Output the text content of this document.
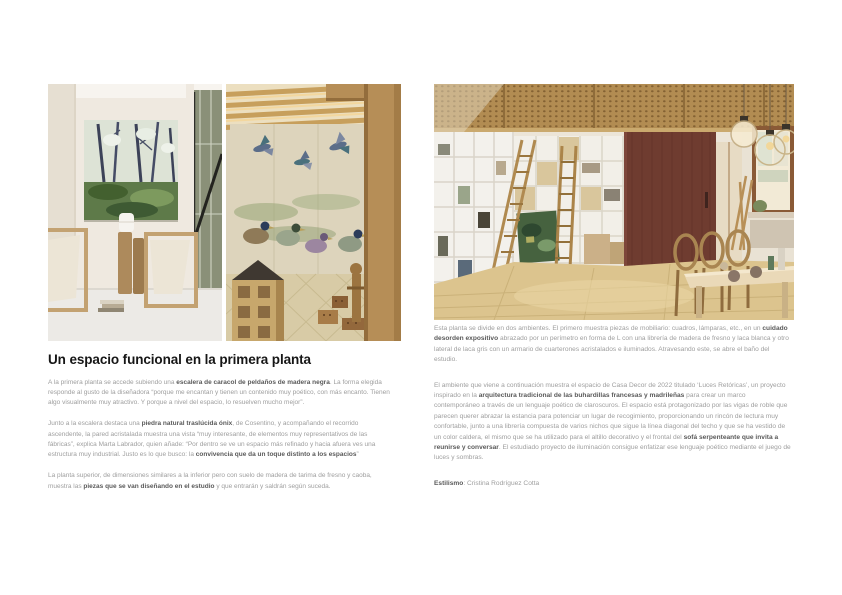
Un espacio funcional en la primera planta

A la primera planta se accede subiendo una escalera de caracol de peldaños de madera negra. La forma elegida responde al gusto de la diseñadora “porque me encantan y tienen un contenido muy poético, con más encanto. Tienen algo visualmente muy atractivo. Y porque a nivel del espacio, lo resuelven mucho mejor”.

Junto a la escalera destaca una piedra natural traslúcida ónix, de Cosentino, y acompañando el recorrido ascendente, la pared acristalada muestra una vista “muy interesante, de elementos muy representativos de las fábricas”, explica Marta Labrador, quien añade: “Por dentro se ve un espacio más refinado y hacia afuera ves una estructura muy industrial. Justo es lo que busco: la convivencia que da un toque distinto a los espacios”

La planta superior, de dimensiones similares a la inferior pero con suelo de madera de tarima de fresno y caoba, muestra las piezas que se van diseñando en el estudio y que entrarán y saldrán según suceda.

Esta planta se divide en dos ambientes. El primero muestra piezas de mobiliario: cuadros, lámparas, etc., en un cuidado desorden expositivo abrazado por un perímetro en forma de L con una librería de madera de fresno y laca blanca y otro lateral de laca gris con un armario de cuarterones acristalados e iluminados. Atravesando este, se abre el baño del estudio.

El ambiente que viene a continuación muestra el espacio de Casa Decor de 2022 titulado ‘Luces Retóricas’, un proyecto inspirado en la arquitectura tradicional de las buhardillas francesas y madrileñas para crear un marco contemporáneo a través de un lenguaje poético de claroscuros. El espacio está protagonizado por las vigas de roble que parecen querer abrazar la estancia para potenciar un lugar de recogimiento, proporcionando un rincón de lectura muy confortable, junto a una librería compuesta de varios nichos que sigue la línea diagonal del techo y que se ha vestido de un color caldera, el mismo que se ha utilizado para el altillo decorativo y el frontal del sofá serpenteante que invita a reunirse y conversar. El estudiado proyecto de iluminación consigue enfatizar ese lenguaje poético mediante el juego de luces y sombras.

Estilismo: Cristina Rodríguez Cotta
